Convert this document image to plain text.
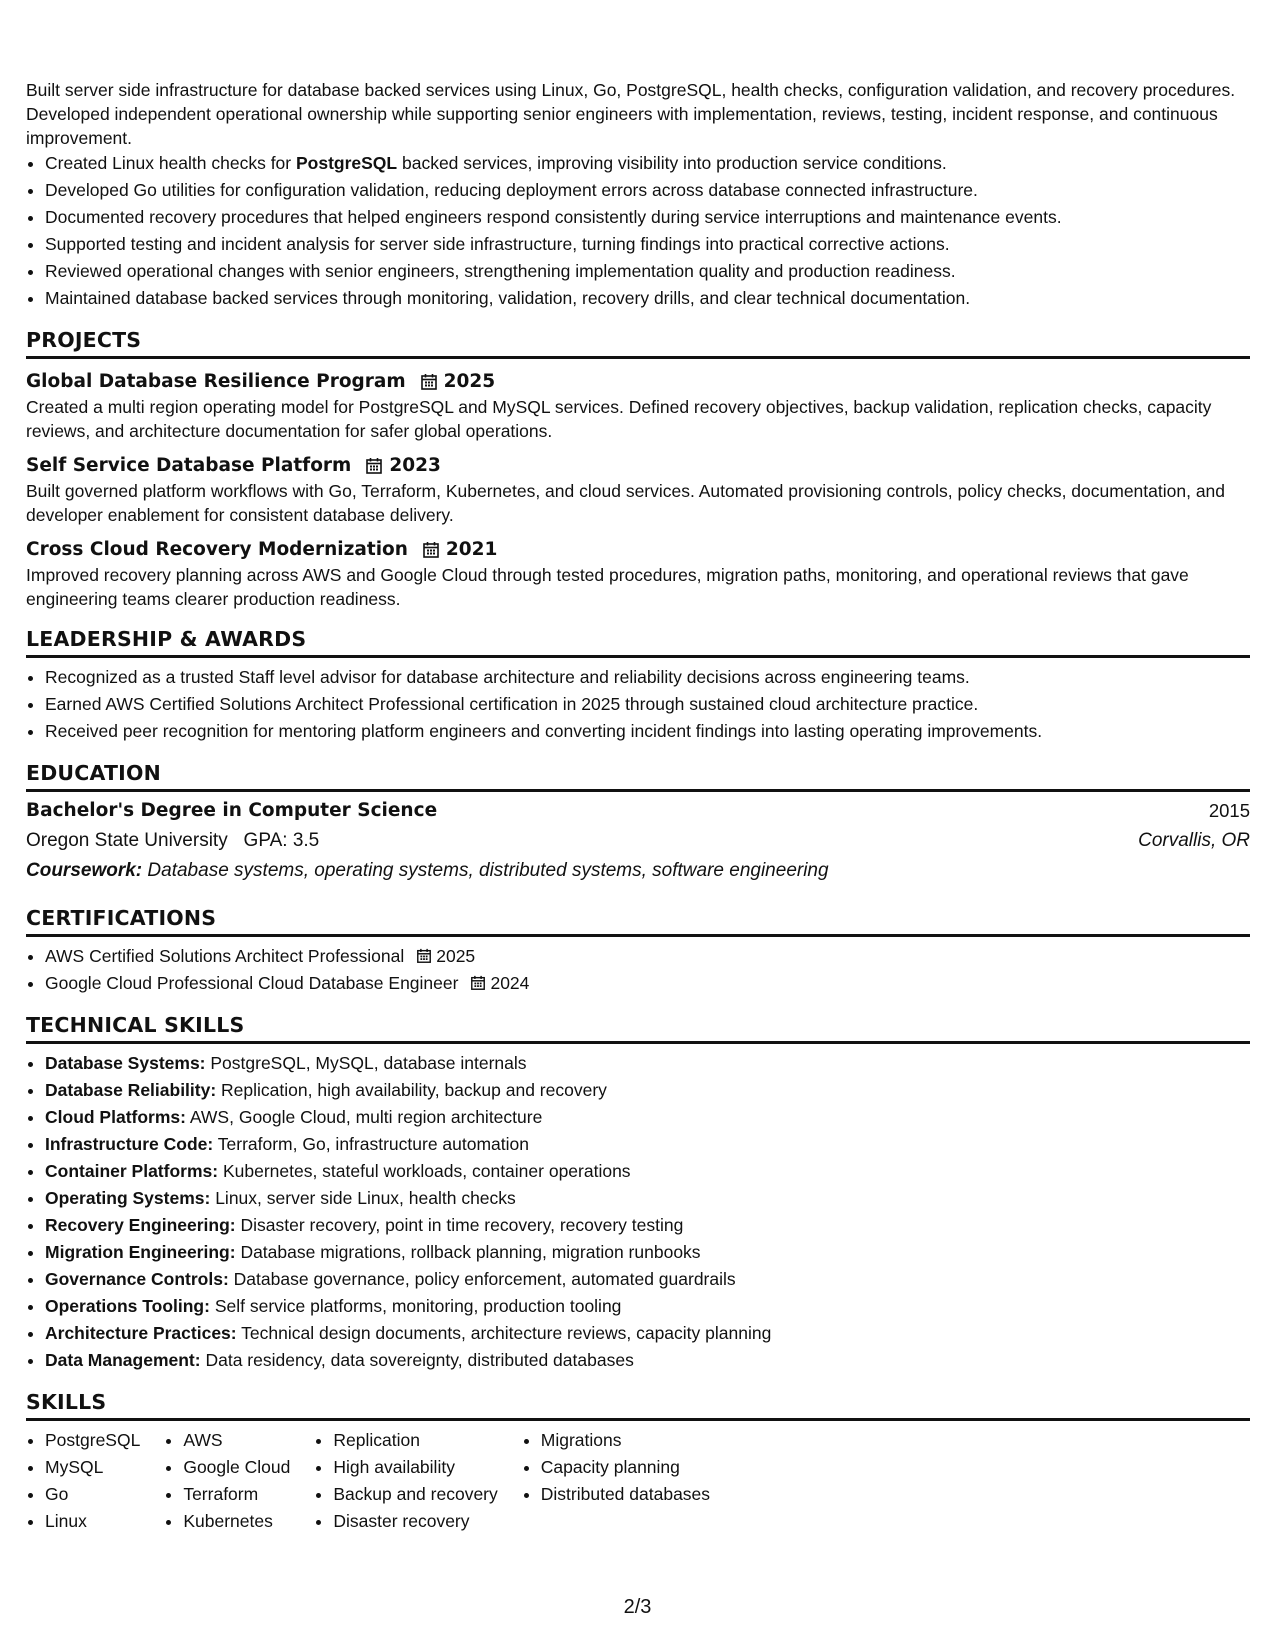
Built server side infrastructure for database backed services using Linux, Go, PostgreSQL, health checks, configuration validation, and recovery procedures. Developed independent operational ownership while supporting senior engineers with implementation, reviews, testing, incident response, and continuous improvement.

• Created Linux health checks for PostgreSQL backed services, improving visibility into production service conditions.
• Developed Go utilities for configuration validation, reducing deployment errors across database connected infrastructure.
• Documented recovery procedures that helped engineers respond consistently during service interruptions and maintenance events.
• Supported testing and incident analysis for server side infrastructure, turning findings into practical corrective actions.
• Reviewed operational changes with senior engineers, strengthening implementation quality and production readiness.
• Maintained database backed services through monitoring, validation, recovery drills, and clear technical documentation.
PROJECTS
Global Database Resilience Program 2025

Created a multi region operating model for PostgreSQL and MySQL services. Defined recovery objectives, backup validation, replication checks, capacity reviews, and architecture documentation for safer global operations.

Self Service Database Platform 2023

Built governed platform workflows with Go, Terraform, Kubernetes, and cloud services. Automated provisioning controls, policy checks, documentation, and developer enablement for consistent database delivery.

Cross Cloud Recovery Modernization 2021

Improved recovery planning across AWS and Google Cloud through tested procedures, migration paths, monitoring, and operational reviews that gave engineering teams clearer production readiness.

LEADERSHIP & AWARDS
• Recognized as a trusted Staff level advisor for database architecture and reliability decisions across engineering teams.
• Earned AWS Certified Solutions Architect Professional certification in 2025 through sustained cloud architecture practice.
• Received peer recognition for mentoring platform engineers and converting incident findings into lasting operating improvements.
EDUCATION
Bachelor's Degree in Computer Science	2015
Oregon State University GPA: 3.5	Corvallis, OR
Coursework: Database systems, operating systems, distributed systems, software engineering
CERTIFICATIONS
• AWS Certified Solutions Architect Professional 2025
• Google Cloud Professional Cloud Database Engineer 2024
TECHNICAL SKILLS
• Database Systems: PostgreSQL, MySQL, database internals
• Database Reliability: Replication, high availability, backup and recovery
• Cloud Platforms: AWS, Google Cloud, multi region architecture
• Infrastructure Code: Terraform, Go, infrastructure automation
• Container Platforms: Kubernetes, stateful workloads, container operations
• Operating Systems: Linux, server side Linux, health checks
• Recovery Engineering: Disaster recovery, point in time recovery, recovery testing
• Migration Engineering: Database migrations, rollback planning, migration runbooks
• Governance Controls: Database governance, policy enforcement, automated guardrails
• Operations Tooling: Self service platforms, monitoring, production tooling
• Architecture Practices: Technical design documents, architecture reviews, capacity planning
• Data Management: Data residency, data sovereignty, distributed databases
SKILLS
• PostgreSQL
• MySQL
• Go
• Linux
• AWS
• Google Cloud
• Terraform
• Kubernetes
• Replication
• High availability
• Backup and recovery
• Disaster recovery
• Migrations
• Capacity planning
• Distributed databases
2/3
